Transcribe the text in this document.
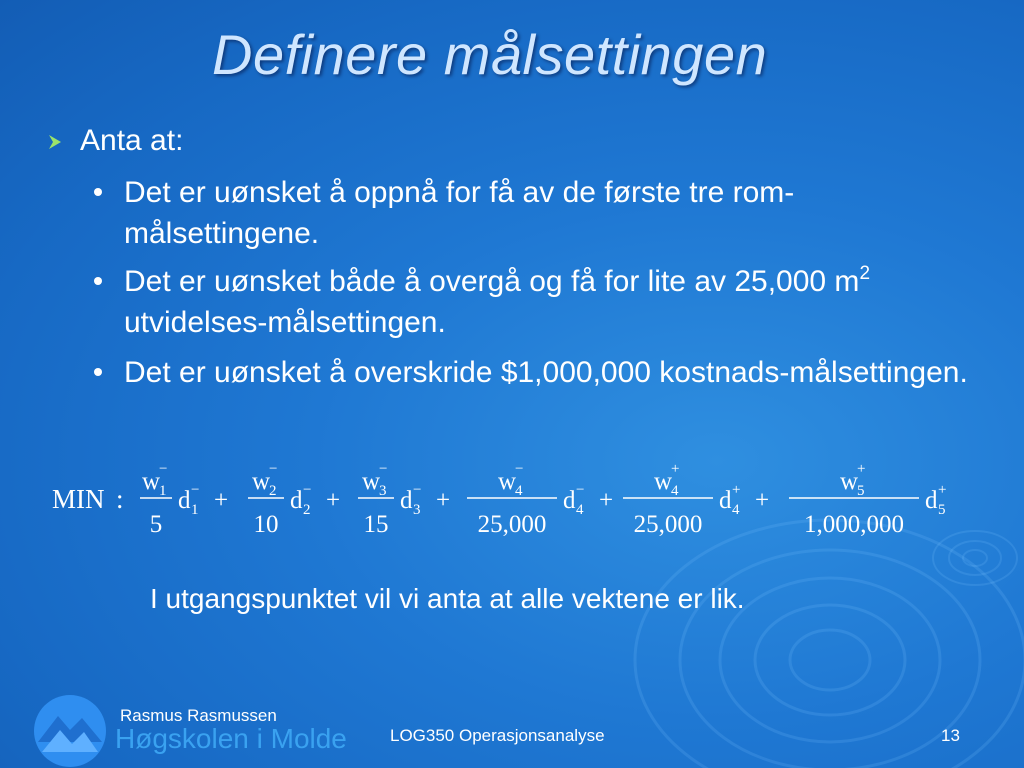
Definere målsettingen
Anta at:
Det er uønsket å oppnå for få av de første tre rom-målsettingene.
Det er uønsket både å overgå og få for lite av 25,000 $m^2$
utvidelses-målsettingen.
Det er uønsket å overskride $1,000,000 kostnads-målsettingen.
MIN :
w
1
−
5
d 1
− +
w
2
−
10
d 2
− +
w
3
−
15
d 3
− +
w
4
−
25,000
d 4
− +
w
4
+
25,000
d 4
+ +
w
5
+
1,000,000
d 5
+
I utgangspunktet vil vi anta at alle vektene er lik.
Rasmus Rasmussen
Høgskolen i Molde	LOG350 Operasjonsanalyse	13
